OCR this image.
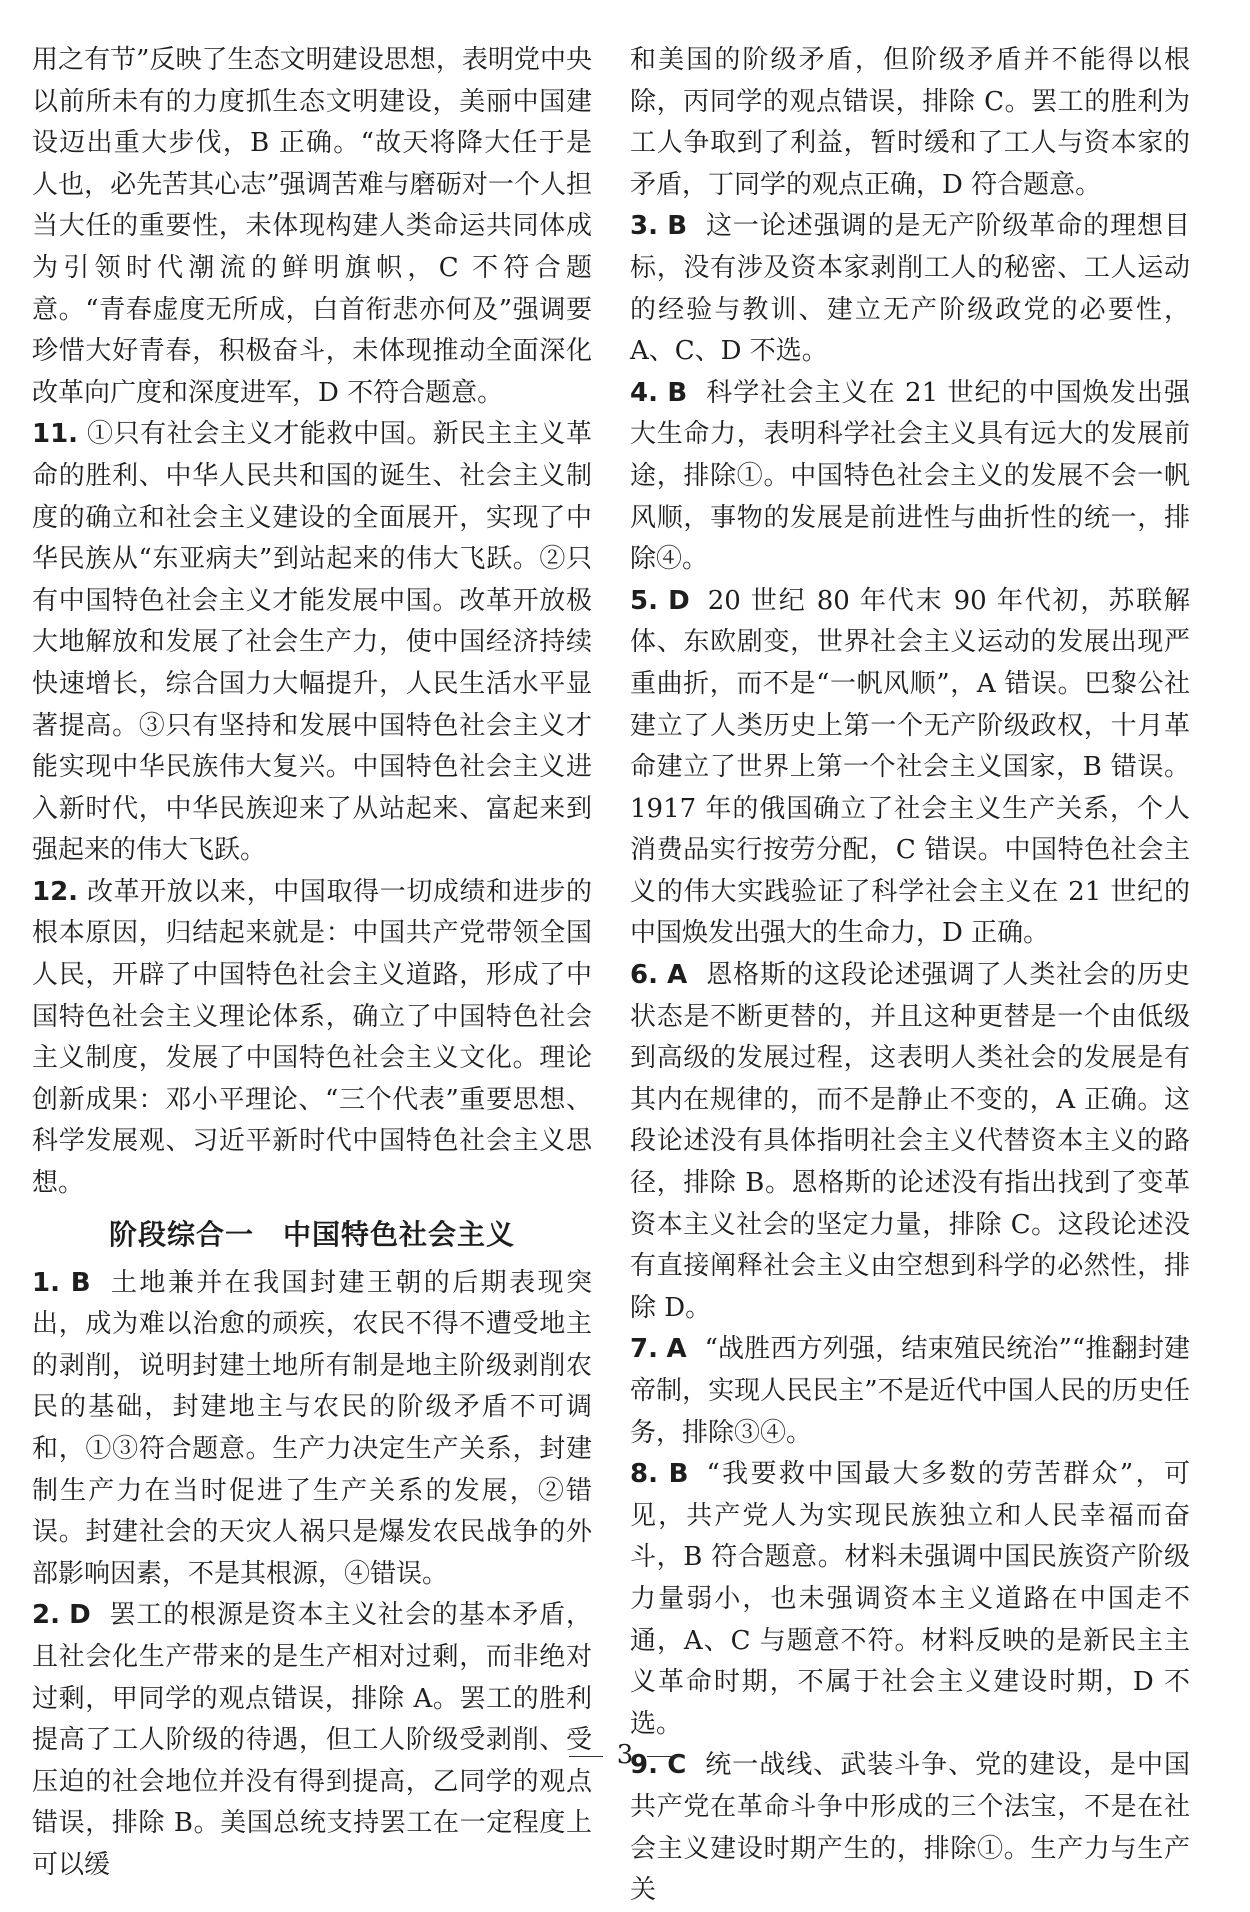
用之有节”反映了生态文明建设思想，表明党中央以前所未有的力度抓生态文明建设，美丽中国建设迈出重大步伐，B 正确。“故天将降大任于是人也，必先苦其心志”强调苦难与磨砺对一个人担当大任的重要性，未体现构建人类命运共同体成为引领时代潮流的鲜明旗帜，C 不符合题意。“青春虚度无所成，白首衔悲亦何及”强调要珍惜大好青春，积极奋斗，未体现推动全面深化改革向广度和深度进军，D 不符合题意。

11. ①只有社会主义才能救中国。新民主主义革命的胜利、中华人民共和国的诞生、社会主义制度的确立和社会主义建设的全面展开，实现了中华民族从“东亚病夫”到站起来的伟大飞跃。②只有中国特色社会主义才能发展中国。改革开放极大地解放和发展了社会生产力，使中国经济持续快速增长，综合国力大幅提升，人民生活水平显著提高。③只有坚持和发展中国特色社会主义才能实现中华民族伟大复兴。中国特色社会主义进入新时代，中华民族迎来了从站起来、富起来到强起来的伟大飞跃。

12. 改革开放以来，中国取得一切成绩和进步的根本原因，归结起来就是：中国共产党带领全国人民，开辟了中国特色社会主义道路，形成了中国特色社会主义理论体系，确立了中国特色社会主义制度，发展了中国特色社会主义文化。理论创新成果：邓小平理论、“三个代表”重要思想、科学发展观、习近平新时代中国特色社会主义思想。

阶段综合一　中国特色社会主义

1. B 土地兼并在我国封建王朝的后期表现突出，成为难以治愈的顽疾，农民不得不遭受地主的剥削，说明封建土地所有制是地主阶级剥削农民的基础，封建地主与农民的阶级矛盾不可调和，①③符合题意。生产力决定生产关系，封建制生产力在当时促进了生产关系的发展，②错误。封建社会的天灾人祸只是爆发农民战争的外部影响因素，不是其根源，④错误。

2. D 罢工的根源是资本主义社会的基本矛盾，且社会化生产带来的是生产相对过剩，而非绝对过剩，甲同学的观点错误，排除 A。罢工的胜利提高了工人阶级的待遇，但工人阶级受剥削、受压迫的社会地位并没有得到提高，乙同学的观点错误，排除 B。美国总统支持罢工在一定程度上可以缓

和美国的阶级矛盾，但阶级矛盾并不能得以根除，丙同学的观点错误，排除 C。罢工的胜利为工人争取到了利益，暂时缓和了工人与资本家的矛盾，丁同学的观点正确，D 符合题意。

3. B 这一论述强调的是无产阶级革命的理想目标，没有涉及资本家剥削工人的秘密、工人运动的经验与教训、建立无产阶级政党的必要性，A、C、D 不选。

4. B 科学社会主义在 21 世纪的中国焕发出强大生命力，表明科学社会主义具有远大的发展前途，排除①。中国特色社会主义的发展不会一帆风顺，事物的发展是前进性与曲折性的统一，排除④。

5. D 20 世纪 80 年代末 90 年代初，苏联解体、东欧剧变，世界社会主义运动的发展出现严重曲折，而不是“一帆风顺”，A 错误。巴黎公社建立了人类历史上第一个无产阶级政权，十月革命建立了世界上第一个社会主义国家，B 错误。1917 年的俄国确立了社会主义生产关系，个人消费品实行按劳分配，C 错误。中国特色社会主义的伟大实践验证了科学社会主义在 21 世纪的中国焕发出强大的生命力，D 正确。

6. A 恩格斯的这段论述强调了人类社会的历史状态是不断更替的，并且这种更替是一个由低级到高级的发展过程，这表明人类社会的发展是有其内在规律的，而不是静止不变的，A 正确。这段论述没有具体指明社会主义代替资本主义的路径，排除 B。恩格斯的论述没有指出找到了变革资本主义社会的坚定力量，排除 C。这段论述没有直接阐释社会主义由空想到科学的必然性，排除 D。

7. A “战胜西方列强，结束殖民统治”“推翻封建帝制，实现人民民主”不是近代中国人民的历史任务，排除③④。

8. B “我要救中国最大多数的劳苦群众”，可见，共产党人为实现民族独立和人民幸福而奋斗，B 符合题意。材料未强调中国民族资产阶级力量弱小，也未强调资本主义道路在中国走不通，A、C 与题意不符。材料反映的是新民主主义革命时期，不属于社会主义建设时期，D 不选。

9. C 统一战线、武装斗争、党的建设，是中国共产党在革命斗争中形成的三个法宝，不是在社会主义建设时期产生的，排除①。生产力与生产关

3
